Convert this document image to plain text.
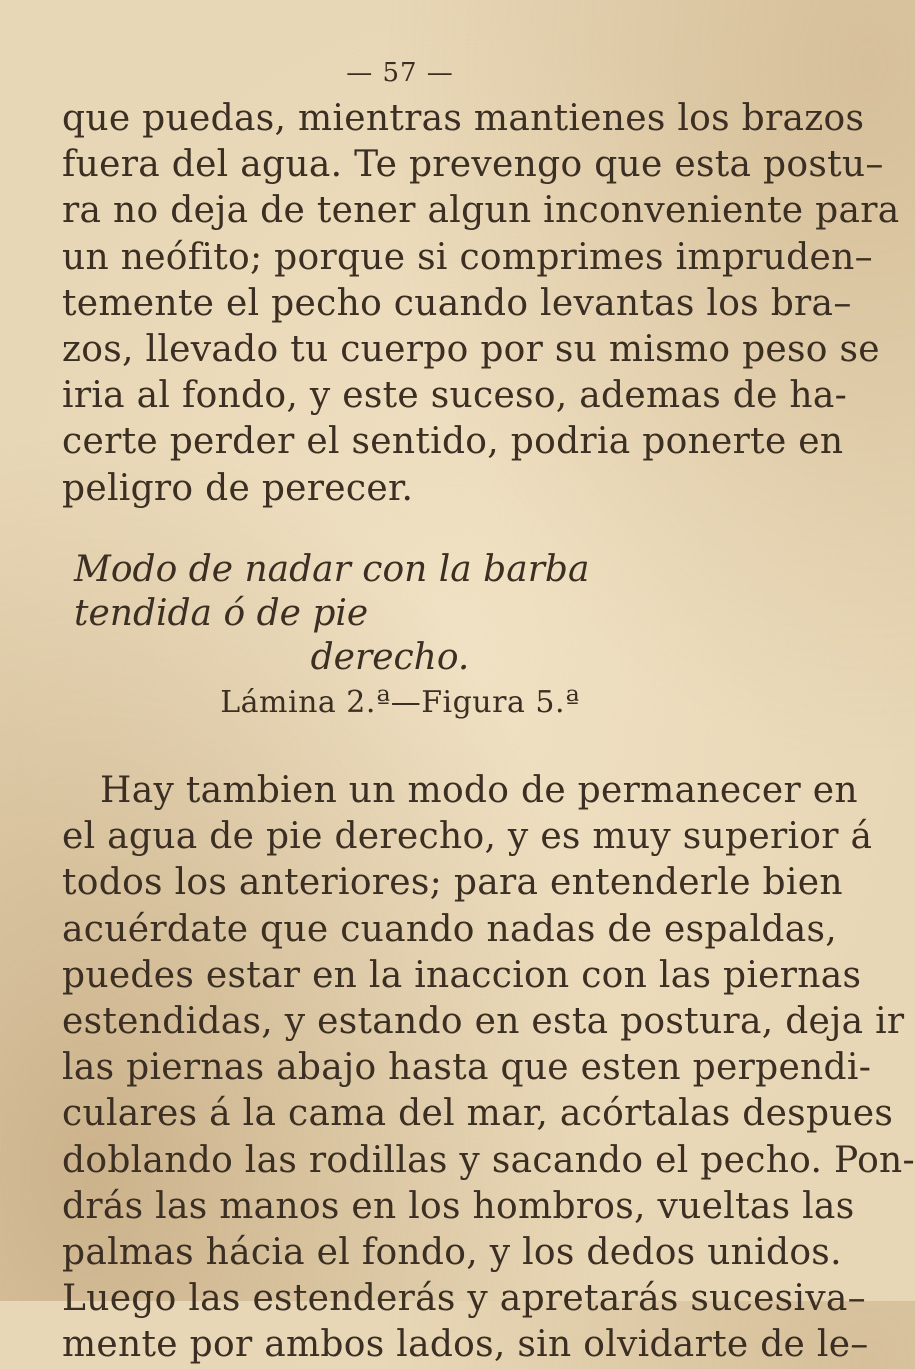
— 57 —

que puedas, mientras mantienes los brazos
fuera del agua. Te prevengo que esta postu–
ra no deja de tener algun inconveniente para
un neófito; porque si comprimes impruden–
temente el pecho cuando levantas los bra–
zos, llevado tu cuerpo por su mismo peso se
iria al fondo, y este suceso, ademas de ha-
certe perder el sentido, podria ponerte en
peligro de perecer.

Modo de nadar con la barba tendida ó de pie
derecho.
Lámina 2.ª—Figura 5.ª

Hay tambien un modo de permanecer en
el agua de pie derecho, y es muy superior á
todos los anteriores; para entenderle bien
acuérdate que cuando nadas de espaldas,
puedes estar en la inaccion con las piernas
estendidas, y estando en esta postura, deja ir
las piernas abajo hasta que esten perpendi-
culares á la cama del mar, acórtalas despues
doblando las rodillas y sacando el pecho. Pon-
drás las manos en los hombros, vueltas las
palmas hácia el fondo, y los dedos unidos.
Luego las estenderás y apretarás sucesiva–
mente por ambos lados, sin olvidarte de le–
